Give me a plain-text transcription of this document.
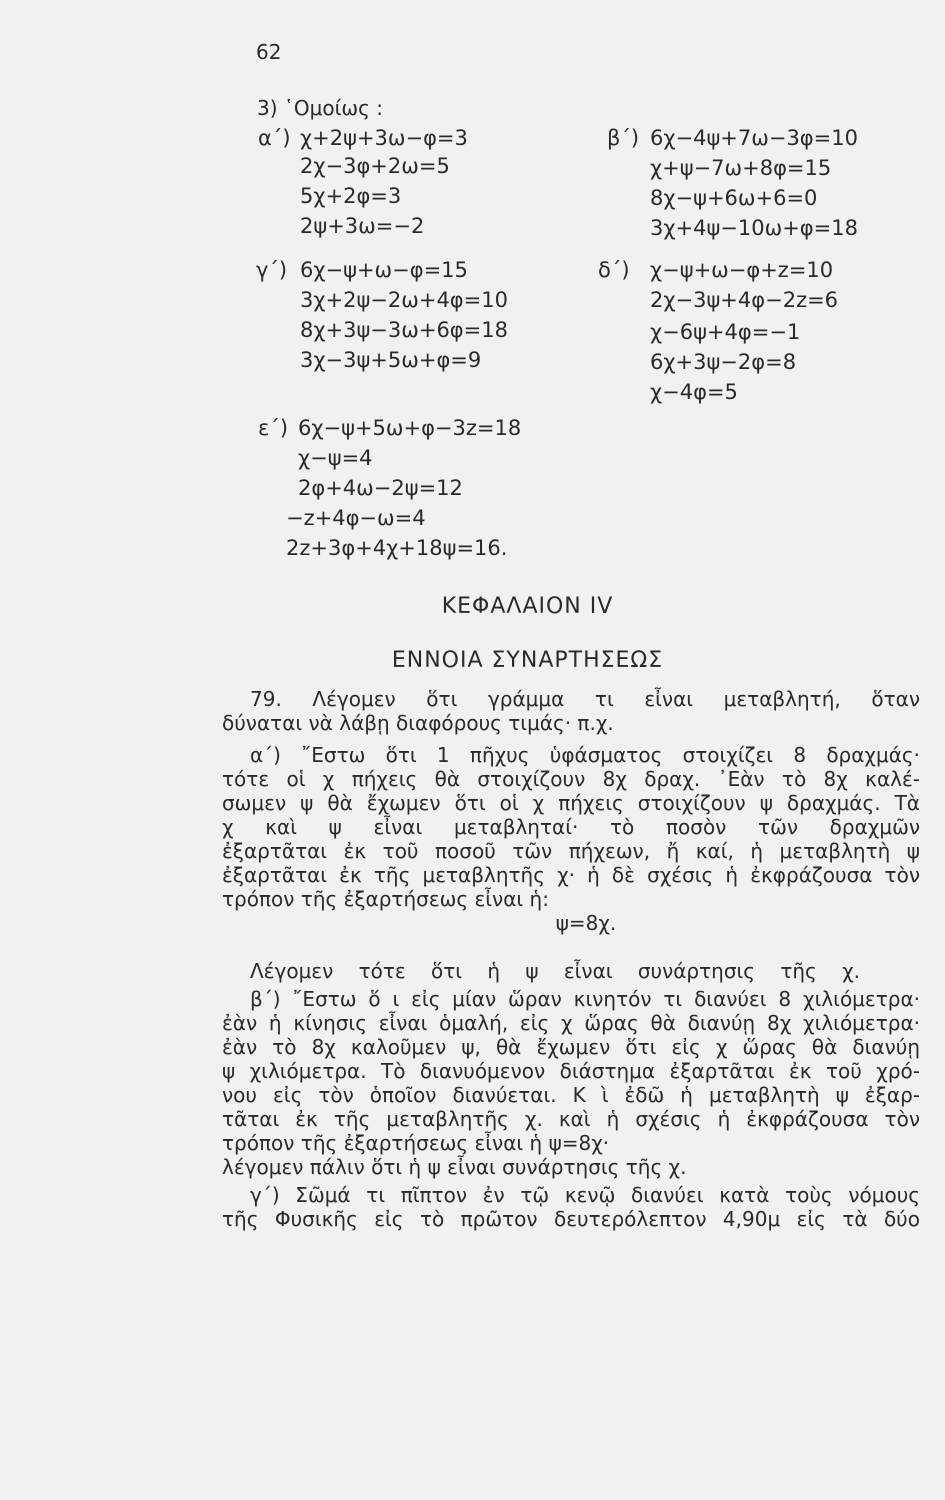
62
3) ῾Ομοίως :
α΄) χ+2ψ+3ω−φ=3
2χ−3φ+2ω=5
5χ+2φ=3
2ψ+3ω=−2
β΄) 6χ−4ψ+7ω−3φ=10
χ+ψ−7ω+8φ=15
8χ−ψ+6ω+6=0
3χ+4ψ−10ω+φ=18
γ΄) 6χ−ψ+ω−φ=15
3χ+2ψ−2ω+4φ=10
8χ+3ψ−3ω+6φ=18
3χ−3ψ+5ω+φ=9
δ΄) χ−ψ+ω−φ+z=10
2χ−3ψ+4φ−2z=6
χ−6ψ+4φ=−1
6χ+3ψ−2φ=8
χ−4φ=5
ε΄) 6χ−ψ+5ω+φ−3z=18
χ−ψ=4
2φ+4ω−2ψ=12
−z+4φ−ω=4
2z+3φ+4χ+18ψ=16.
ΚΕΦΑΛΑΙΟΝ IV
ΕΝΝΟΙΑ ΣΥΝΑΡΤΗΣΕΩΣ
79. Λέγομεν ὅτι γράμμα τι εἶναι μεταβλητή, ὅταν
δύναται νὰ λάβῃ διαφόρους τιμάς· π.χ.
α΄) ῎Εστω ὅτι 1 πῆχυς ὑφάσματος στοιχίζει 8 δραχμάς·
τότε οἱ χ πήχεις θὰ στοιχίζουν 8χ δραχ. ᾿Εὰν τὸ 8χ καλέ-
σωμεν ψ θὰ ἔχωμεν ὅτι οἱ χ πήχεις στοιχίζουν ψ δραχμάς. Τὰ
χ καὶ ψ εἶναι μεταβληταί· τὸ ποσὸν τῶν δραχμῶν
ἐξαρτᾶται ἐκ τοῦ ποσοῦ τῶν πήχεων, ἤ καί, ἡ μεταβλητὴ ψ
ἐξαρτᾶται ἐκ τῆς μεταβλητῆς χ· ἡ δὲ σχέσις ἡ ἐκφράζουσα τὸν
τρόπον τῆς ἐξαρτήσεως εἶναι ἡ:
ψ=8χ.
Λέγομεν τότε ὅτι ἡ ψ εἶναι συνάρτησις τῆς χ.
β΄) ῎Εστω ὅ ι εἰς μίαν ὥραν κινητόν τι διανύει 8 χιλιόμετρα·
ἐὰν ἡ κίνησις εἶναι ὁμαλή, εἰς χ ὥρας θὰ διανύῃ 8χ χιλιόμετρα·
ἐὰν τὸ 8χ καλοῦμεν ψ, θὰ ἔχωμεν ὅτι εἰς χ ὥρας θὰ διανύῃ
ψ χιλιόμετρα. Τὸ διανυόμενον διάστημα ἐξαρτᾶται ἐκ τοῦ χρό-
νου εἰς τὸν ὁποῖον διανύεται. Κ ὶ ἐδῶ ἡ μεταβλητὴ ψ ἐξαρ-
τᾶται ἐκ τῆς μεταβλητῆς χ. καὶ ἡ σχέσις ἡ ἐκφράζουσα τὸν
τρόπον τῆς ἐξαρτήσεως εἶναι ἡ ψ=8χ·
λέγομεν πάλιν ὅτι ἡ ψ εἶναι συνάρτησις τῆς χ.
γ΄) Σῶμά τι πῖπτον ἐν τῷ κενῷ διανύει κατὰ τοὺς νόμους
τῆς Φυσικῆς εἰς τὸ πρῶτον δευτερόλεπτον 4,90μ εἰς τὰ δύο
